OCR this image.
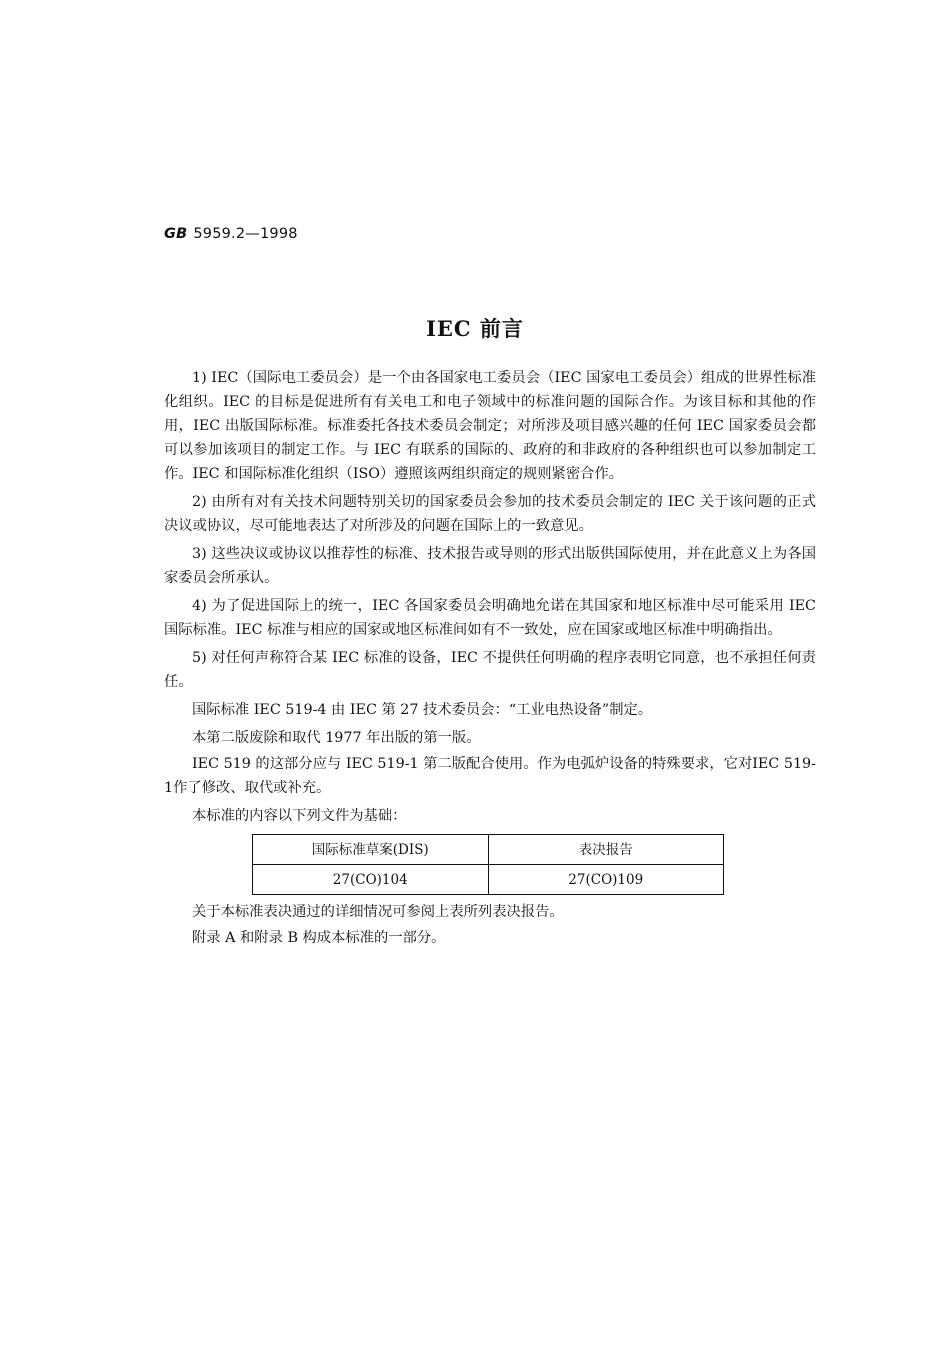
GB 5959.2—1998
IEC 前言

1) IEC（国际电工委员会）是一个由各国家电工委员会（IEC 国家电工委员会）组成的世界性标准化组织。IEC 的目标是促进所有有关电工和电子领域中的标准问题的国际合作。为该目标和其他的作用，IEC 出版国际标准。标准委托各技术委员会制定；对所涉及项目感兴趣的任何 IEC 国家委员会都可以参加该项目的制定工作。与 IEC 有联系的国际的、政府的和非政府的各种组织也可以参加制定工作。IEC 和国际标准化组织（ISO）遵照该两组织商定的规则紧密合作。

2) 由所有对有关技术问题特别关切的国家委员会参加的技术委员会制定的 IEC 关于该问题的正式决议或协议，尽可能地表达了对所涉及的问题在国际上的一致意见。

3) 这些决议或协议以推荐性的标准、技术报告或导则的形式出版供国际使用，并在此意义上为各国家委员会所承认。

4) 为了促进国际上的统一，IEC 各国家委员会明确地允诺在其国家和地区标准中尽可能采用 IEC 国际标准。IEC 标准与相应的国家或地区标准间如有不一致处，应在国家或地区标准中明确指出。

5) 对任何声称符合某 IEC 标准的设备，IEC 不提供任何明确的程序表明它同意，也不承担任何责任。

国际标准 IEC 519-4 由 IEC 第 27 技术委员会：“工业电热设备”制定。

本第二版废除和取代 1977 年出版的第一版。

IEC 519 的这部分应与 IEC 519-1 第二版配合使用。作为电弧炉设备的特殊要求，它对IEC 519-1作了修改、取代或补充。

本标准的内容以下列文件为基础：

国际标准草案(DIS)	表决报告
27(CO)104	27(CO)109

关于本标准表决通过的详细情况可参阅上表所列表决报告。

附录 A 和附录 B 构成本标准的一部分。
